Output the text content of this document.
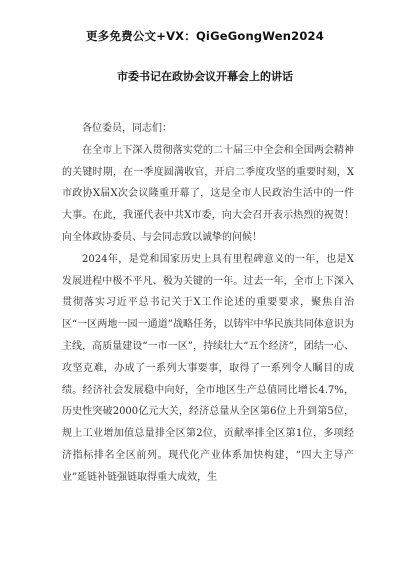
更多免费公文+VX：QiGeGongWen2024
市委书记在政协会议开幕会上的讲话

各位委员，同志们：

在全市上下深入贯彻落实党的二十届三中全会和全国两会精神的关键时期，在一季度圆满收官，开启二季度攻坚的重要时刻，X市政协X届X次会议隆重开幕了，这是全市人民政治生活中的一件大事。在此，我谨代表中共X市委，向大会召开表示热烈的祝贺！向全体政协委员、与会同志致以诚挚的问候！

2024年，是党和国家历史上具有里程碑意义的一年，也是X发展进程中极不平凡、极为关键的一年。过去一年，全市上下深入贯彻落实习近平总书记关于X工作论述的重要要求，聚焦自治区“一区两地一园一通道”战略任务，以铸牢中华民族共同体意识为主线，高质量建设“一市一区”，持续壮大“五个经济”，团结一心、攻坚克难，办成了一系列大事要事，取得了一系列令人瞩目的成绩。经济社会发展稳中向好，全市地区生产总值同比增长4.7%，历史性突破2000亿元大关，经济总量从全区第6位上升到第5位，规上工业增加值总量排全区第2位，贡献率排全区第1位，多项经济指标排名全区前列。现代化产业体系加快构建，“四大主导产业”延链补链强链取得重大成效，生
